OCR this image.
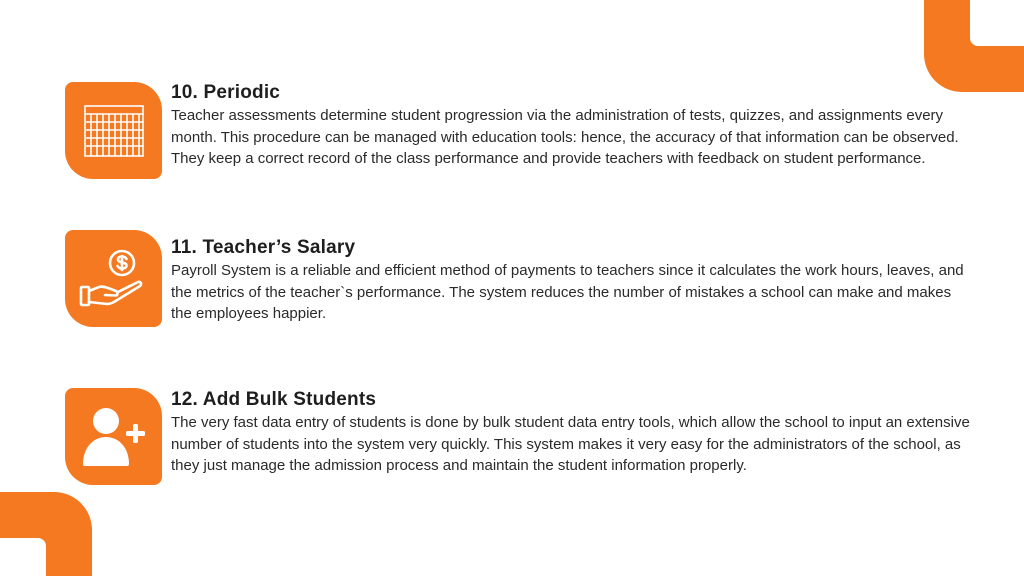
10. Periodic

Teacher assessments determine student progression via the administration of tests, quizzes, and assignments every month. This procedure can be managed with education tools: hence, the accuracy of that information can be observed. They keep a correct record of the class performance and provide teachers with feedback on student performance.

11. Teacher’s Salary

Payroll System is a reliable and efficient method of payments to teachers since it calculates the work hours, leaves, and the metrics of the teacher`s performance. The system reduces the number of mistakes a school can make and makes the employees happier.

12. Add Bulk Students

The very fast data entry of students is done by bulk student data entry tools, which allow the school to input an extensive number of students into the system very quickly. This system makes it very easy for the administrators of the school, as they just manage the admission process and maintain the student information properly.
